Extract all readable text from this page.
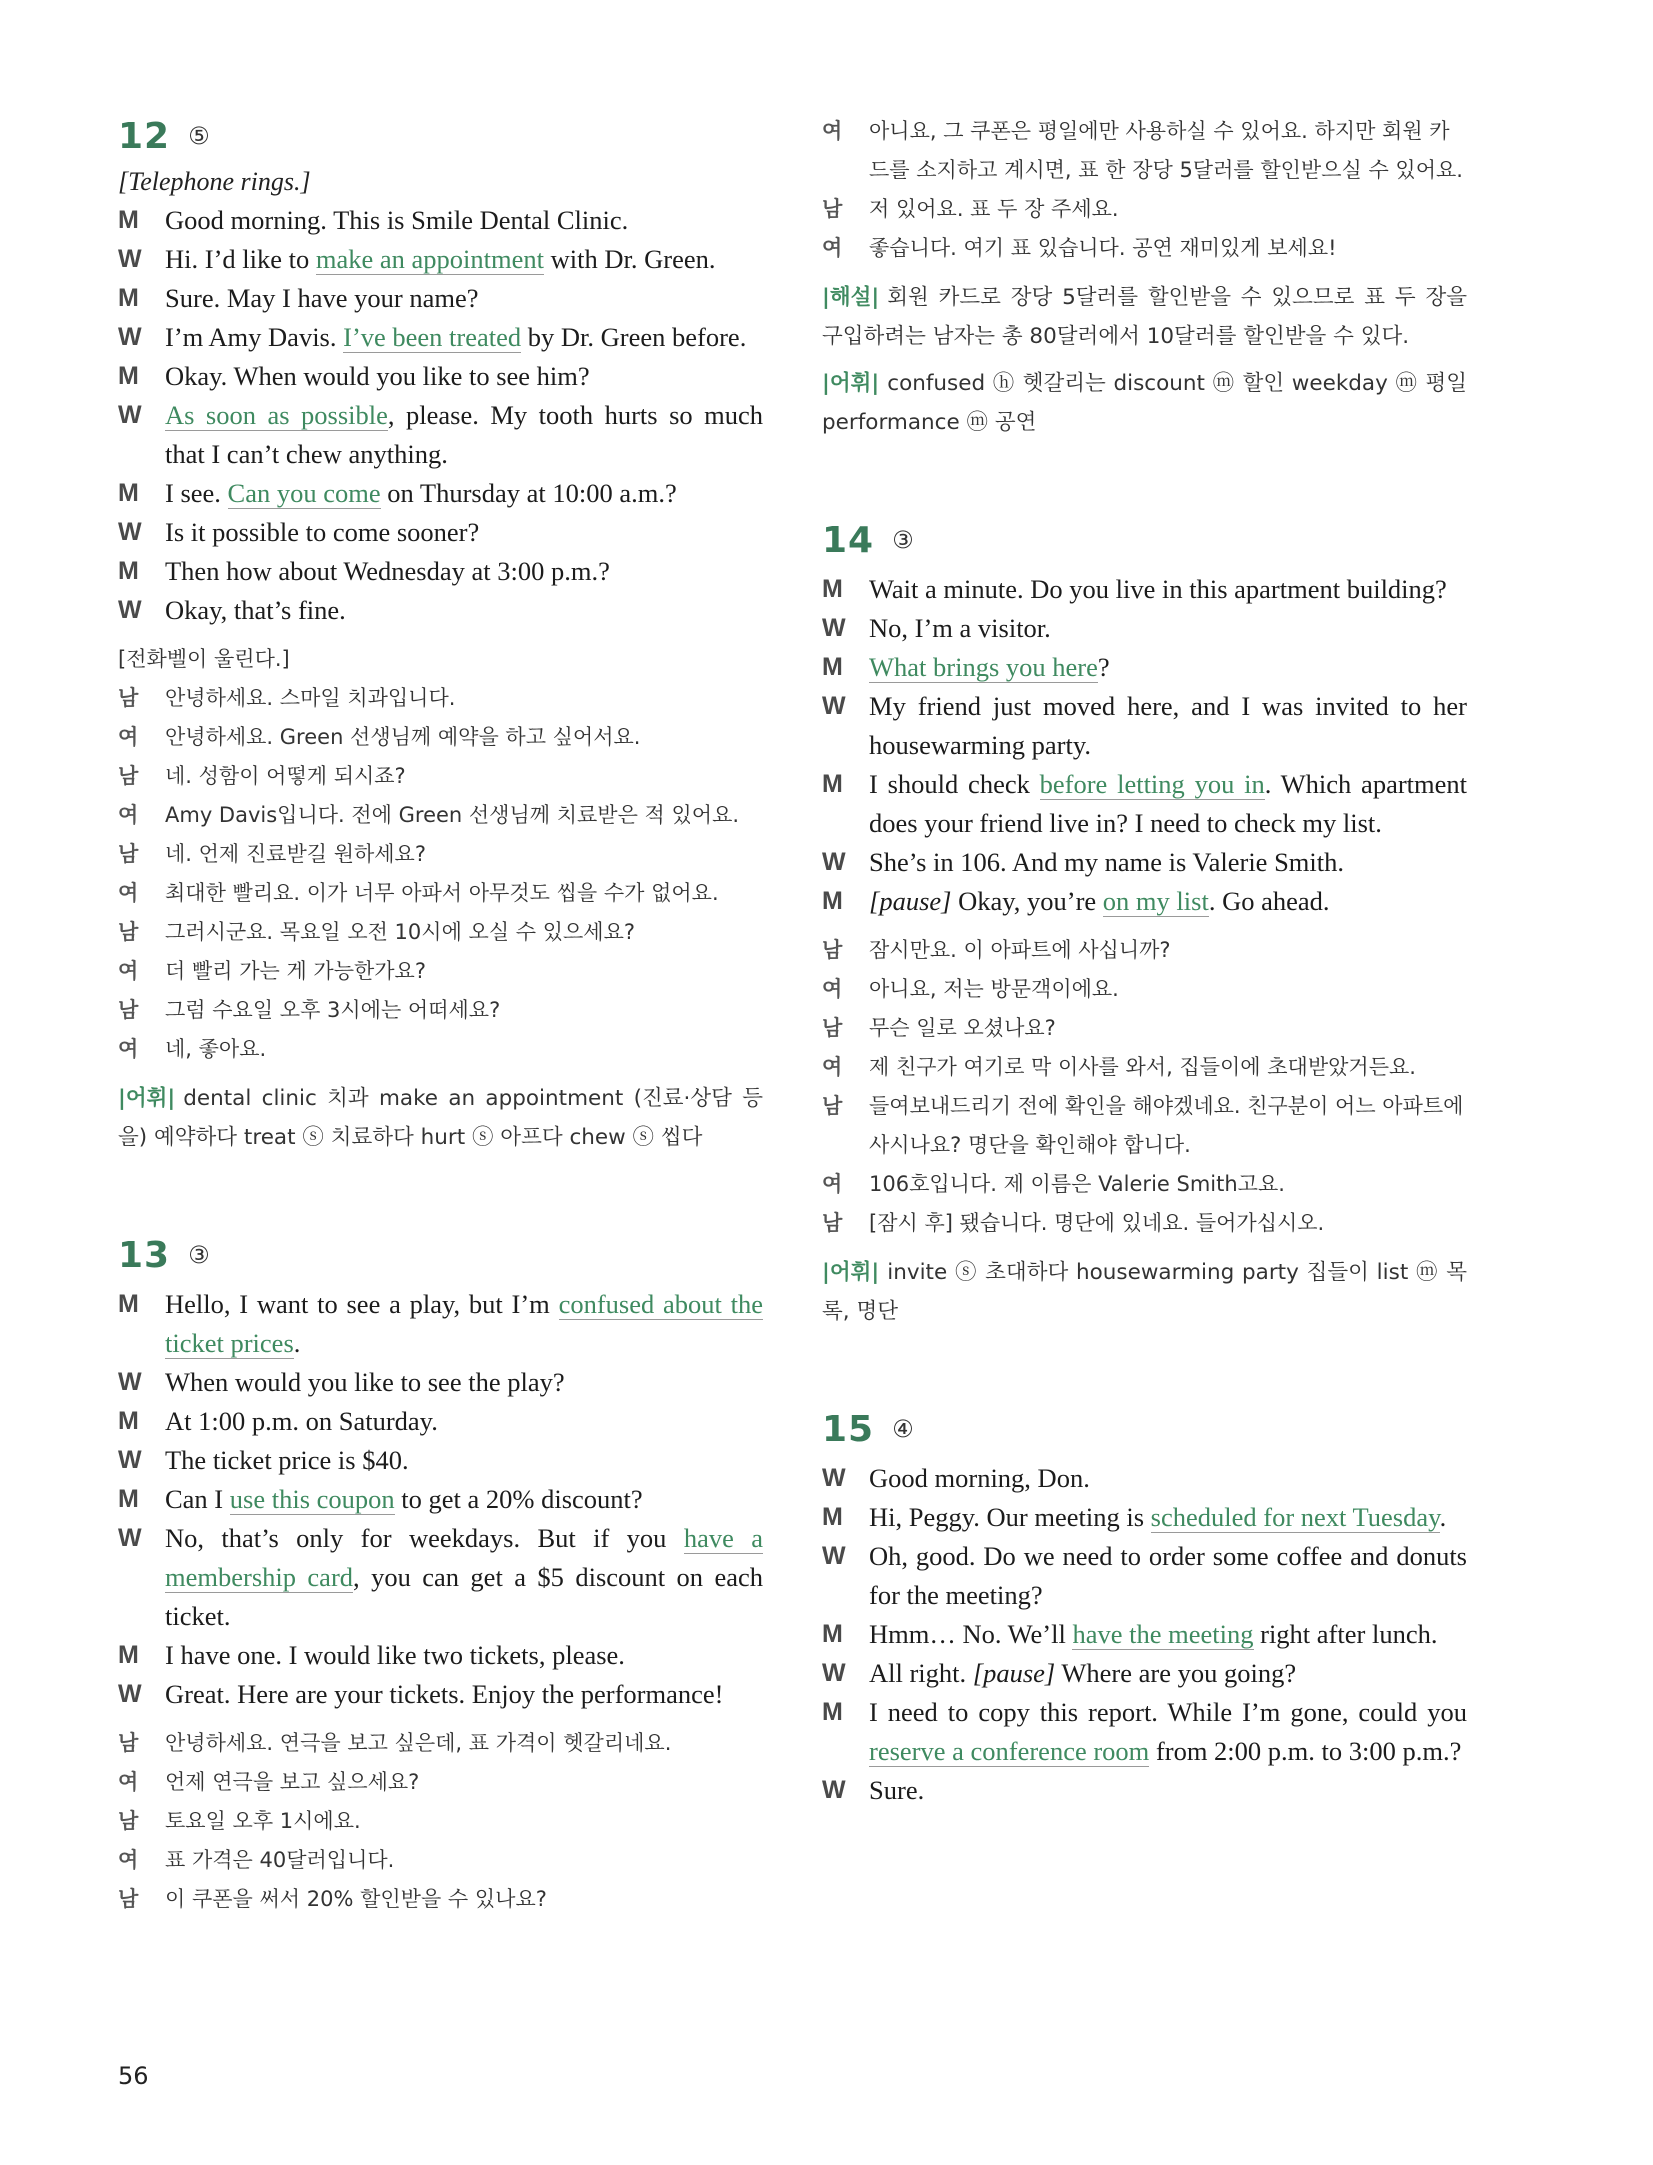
12 ⑤
[Telephone rings.]
M Good morning. This is Smile Dental Clinic.
W Hi. I’d like to make an appointment with Dr. Green.
M Sure. May I have your name?
W I’m Amy Davis. I’ve been treated by Dr. Green before.
M Okay. When would you like to see him?
W As soon as possible, please. My tooth hurts so much that I can’t chew anything.
M I see. Can you come on Thursday at 10:00 a.m.?
W Is it possible to come sooner?
M Then how about Wednesday at 3:00 p.m.?
W Okay, that’s fine.
[전화벨이 울린다.]
남	안녕하세요. 스마일 치과입니다.
여	안녕하세요. Green 선생님께 예약을 하고 싶어서요.
남	네. 성함이 어떻게 되시죠?
여	Amy Davis입니다. 전에 Green 선생님께 치료받은 적 있어요.
남	네. 언제 진료받길 원하세요?
여	최대한 빨리요. 이가 너무 아파서 아무것도 씹을 수가 없어요.
남	그러시군요. 목요일 오전 10시에 오실 수 있으세요?
여	더 빨리 가는 게 가능한가요?
남	그럼 수요일 오후 3시에는 어떠세요?
여	네, 좋아요.
|어휘| dental clinic 치과 make an appointment (진료·상담 등을) 예약하다 treat ⓢ 치료하다 hurt ⓢ 아프다 chew ⓢ 씹다
13 ③
M Hello, I want to see a play, but I’m confused about the ticket prices.
W When would you like to see the play?
M At 1:00 p.m. on Saturday.
W The ticket price is $40.
M Can I use this coupon to get a 20% discount?
W No, that’s only for weekdays. But if you have a membership card, you can get a $5 discount on each ticket.
M I have one. I would like two tickets, please.
W Great. Here are your tickets. Enjoy the performance!
남	안녕하세요. 연극을 보고 싶은데, 표 가격이 헷갈리네요.
여	언제 연극을 보고 싶으세요?
남	토요일 오후 1시에요.
여	표 가격은 40달러입니다.
남	이 쿠폰을 써서 20% 할인받을 수 있나요?
여	아니요, 그 쿠폰은 평일에만 사용하실 수 있어요. 하지만 회원 카드를 소지하고 계시면, 표 한 장당 5달러를 할인받으실 수 있어요.
남	저 있어요. 표 두 장 주세요.
여	좋습니다. 여기 표 있습니다. 공연 재미있게 보세요!
|해설| 회원 카드로 장당 5달러를 할인받을 수 있으므로 표 두 장을 구입하려는 남자는 총 80달러에서 10달러를 할인받을 수 있다.
|어휘| confused ⓗ 헷갈리는 discount ⓜ 할인 weekday ⓜ 평일 performance ⓜ 공연
14 ③
M Wait a minute. Do you live in this apartment building?
W No, I’m a visitor.
M What brings you here?
W My friend just moved here, and I was invited to her housewarming party.
M I should check before letting you in. Which apartment does your friend live in? I need to check my list.
W She’s in 106. And my name is Valerie Smith.
M [pause] Okay, you’re on my list. Go ahead.
남	잠시만요. 이 아파트에 사십니까?
여	아니요, 저는 방문객이에요.
남	무슨 일로 오셨나요?
여	제 친구가 여기로 막 이사를 와서, 집들이에 초대받았거든요.
남	들여보내드리기 전에 확인을 해야겠네요. 친구분이 어느 아파트에 사시나요? 명단을 확인해야 합니다.
여	106호입니다. 제 이름은 Valerie Smith고요.
남	[잠시 후] 됐습니다. 명단에 있네요. 들어가십시오.
|어휘| invite ⓢ 초대하다 housewarming party 집들이 list ⓜ 목록, 명단
15 ④
W Good morning, Don.
M Hi, Peggy. Our meeting is scheduled for next Tuesday.
W Oh, good. Do we need to order some coffee and donuts for the meeting?
M Hmm… No. We’ll have the meeting right after lunch.
W All right. [pause] Where are you going?
M I need to copy this report. While I’m gone, could you reserve a conference room from 2:00 p.m. to 3:00 p.m.?
W Sure.
56
